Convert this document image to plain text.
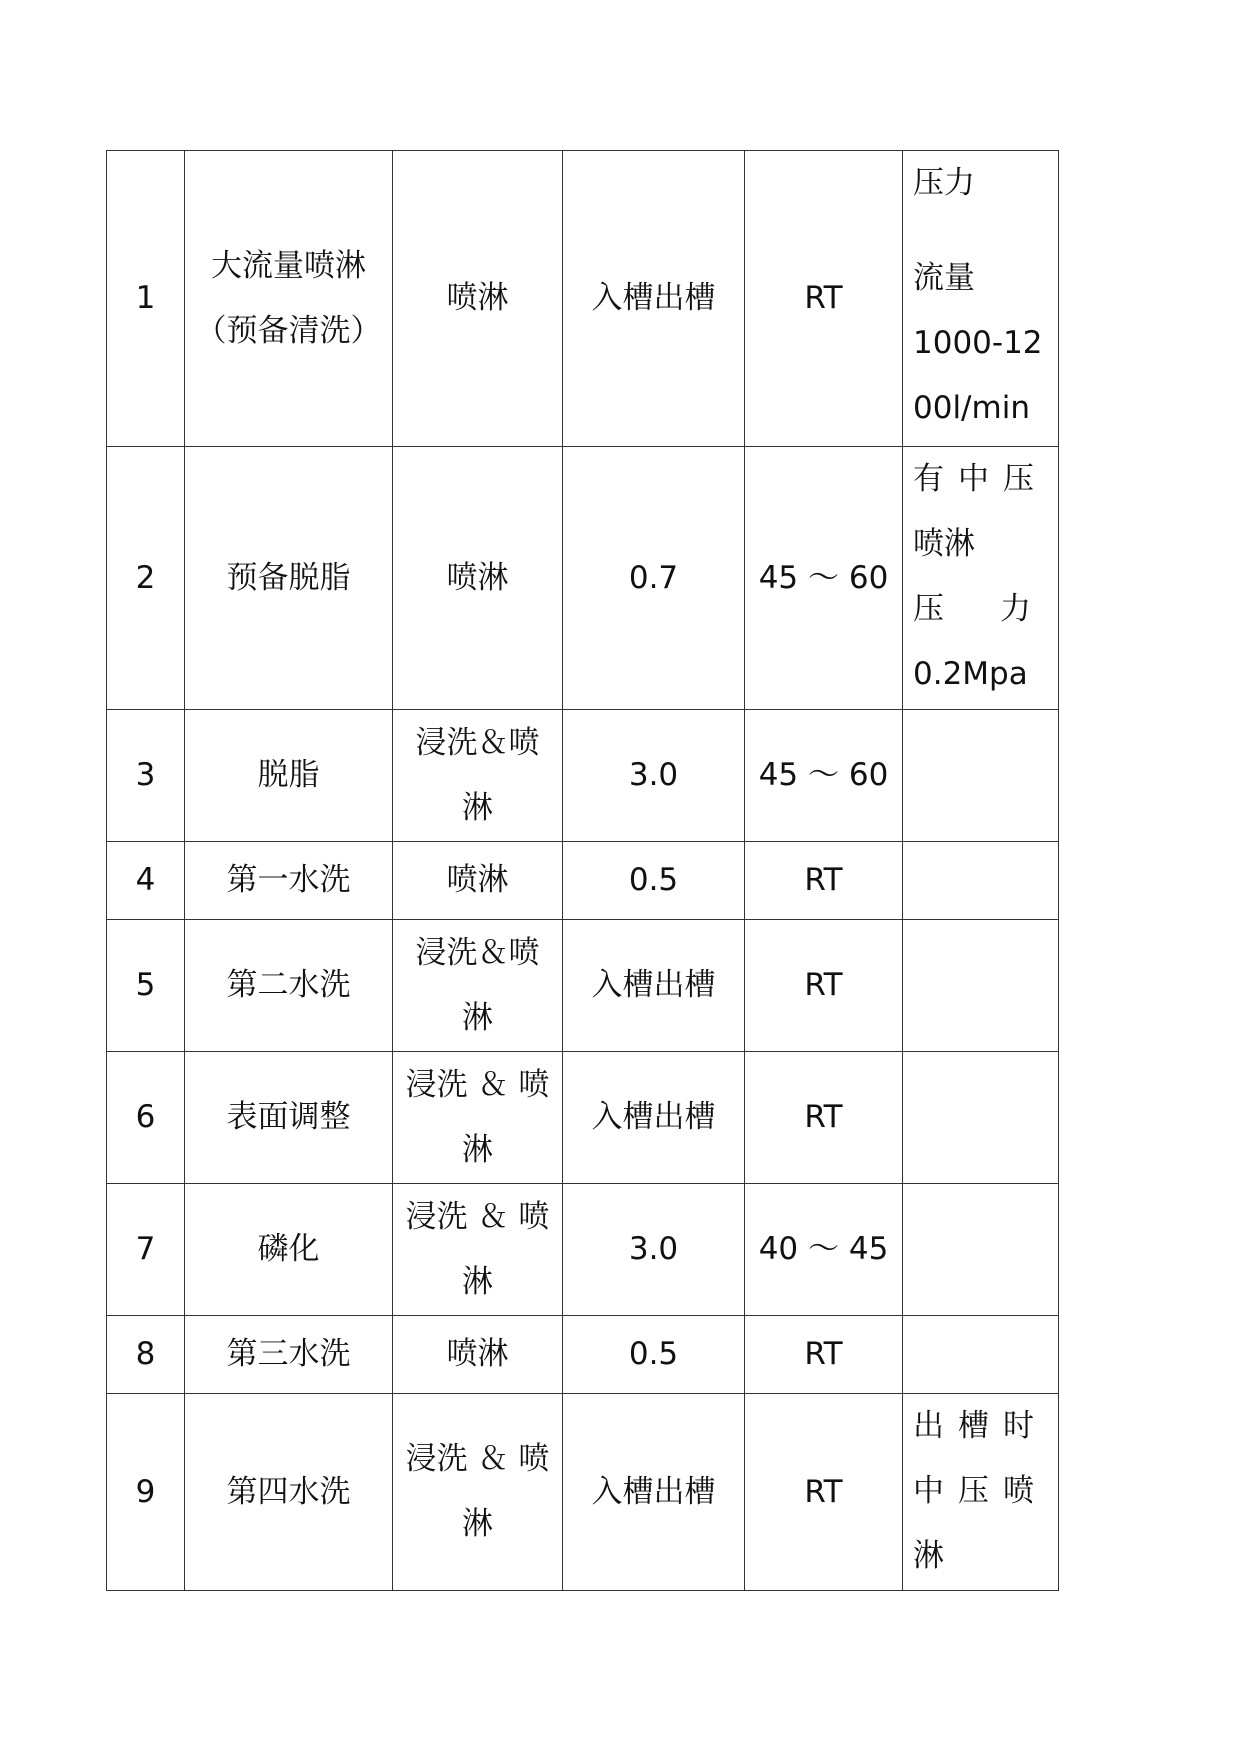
1	大流量喷淋
（预备清洗）	喷淋	入槽出槽	RT	压力
流量
1000-12
00l/min

2	预备脱脂	喷淋	0.7	45 ～ 60	有中压
喷淋
压力
0.2Mpa

3	脱脂	浸洗＆喷
淋	3.0	45 ～ 60	
4	第一水洗	喷淋	0.5	RT	
5	第二水洗	浸洗＆喷
淋	入槽出槽	RT	
6	表面调整	浸洗 ＆ 喷
淋	入槽出槽	RT	
7	磷化	浸洗 ＆ 喷
淋	3.0	40 ～ 45	
8	第三水洗	喷淋	0.5	RT	
9	第四水洗	浸洗 ＆ 喷
淋	入槽出槽	RT	出槽时
中压喷
淋
